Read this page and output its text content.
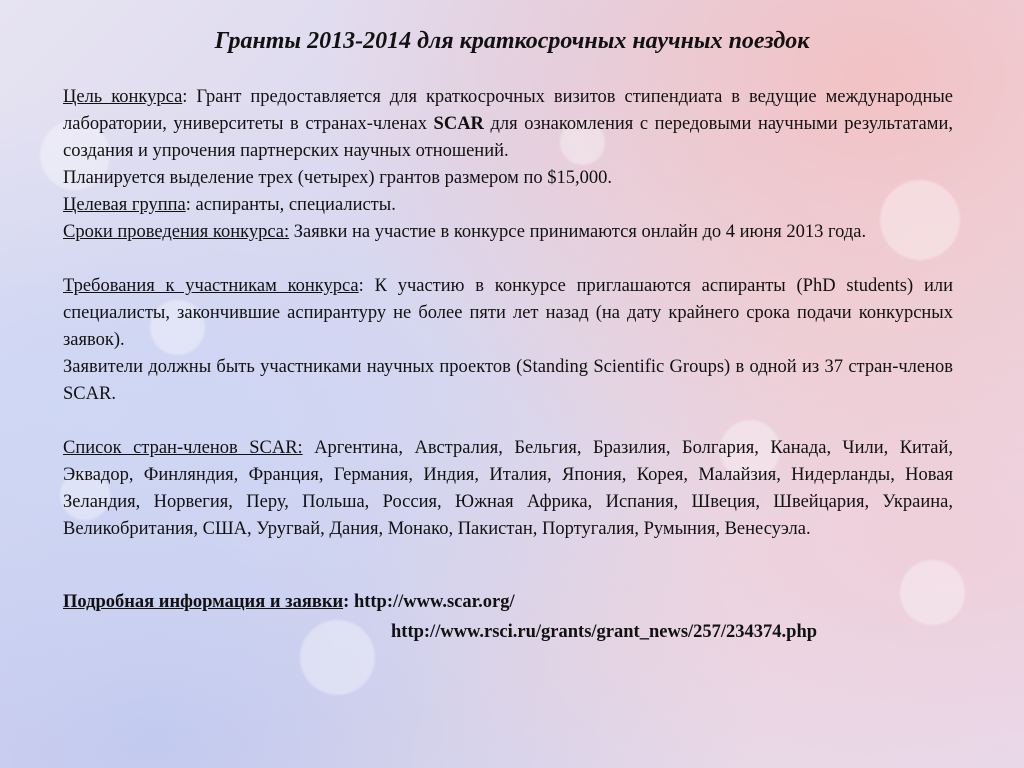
Гранты 2013-2014 для краткосрочных научных поездок

Цель конкурса: Грант предоставляется для краткосрочных визитов стипендиата в ведущие международные лаборатории, университеты в странах-членах SCAR для ознакомления с передовыми научными результатами, создания и упрочения партнерских научных отношений.

Планируется выделение трех (четырех) грантов размером по $15,000.

Целевая группа: аспиранты, специалисты.

Сроки проведения конкурса: Заявки на участие в конкурсе принимаются онлайн до 4 июня 2013 года.

Требования к участникам конкурса: К участию в конкурсе приглашаются аспиранты (PhD students) или специалисты, закончившие аспирантуру не более пяти лет назад (на дату крайнего срока подачи конкурсных заявок).

Заявители должны быть участниками научных проектов (Standing Scientific Groups) в одной из 37 стран-членов SCAR.

Список стран-членов SCAR: Аргентина, Австралия, Бельгия, Бразилия, Болгария, Канада, Чили, Китай, Эквадор, Финляндия, Франция, Германия, Индия, Италия, Япония, Корея, Малайзия, Нидерланды, Новая Зеландия, Норвегия, Перу, Польша, Россия, Южная Африка, Испания, Швеция, Швейцария, Украина, Великобритания, США, Уругвай, Дания, Монако, Пакистан, Португалия, Румыния, Венесуэла.

Подробная информация и заявки: http://www.scar.org/
http://www.rsci.ru/grants/grant_news/257/234374.php
